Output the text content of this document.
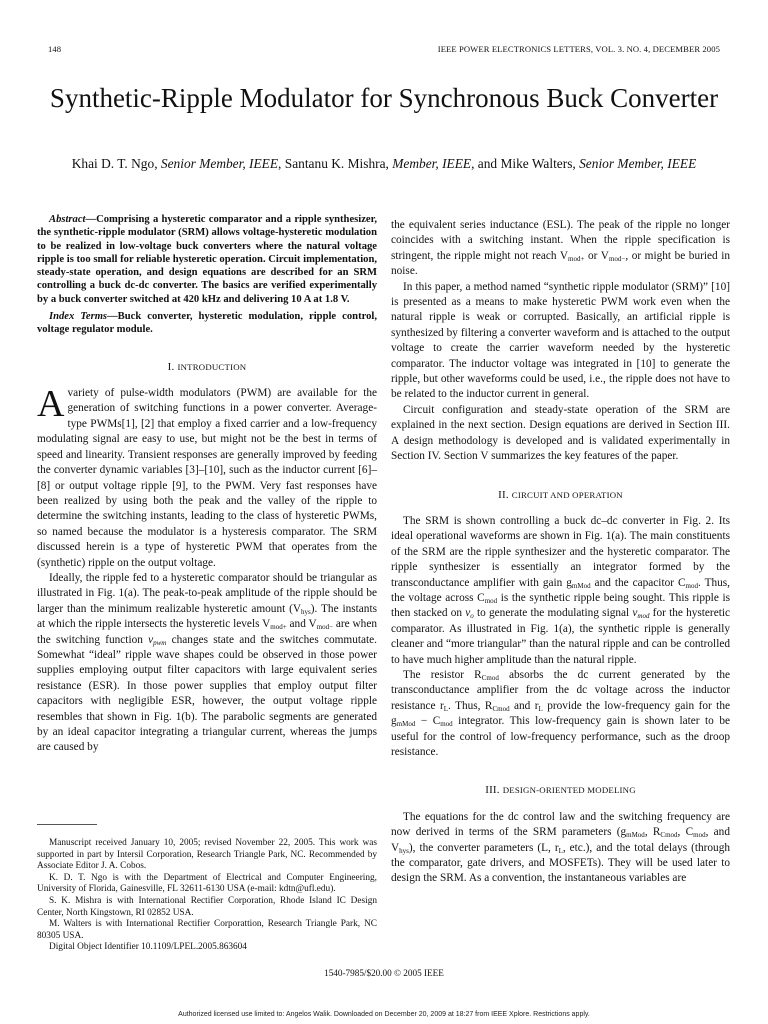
148	IEEE POWER ELECTRONICS LETTERS, VOL. 3. NO. 4, DECEMBER 2005
Synthetic-Ripple Modulator for Synchronous Buck Converter
Khai D. T. Ngo, Senior Member, IEEE, Santanu K. Mishra, Member, IEEE, and Mike Walters, Senior Member, IEEE

Abstract—Comprising a hysteretic comparator and a ripple synthesizer, the synthetic-ripple modulator (SRM) allows voltage-hysteretic modulation to be realized in low-voltage buck converters where the natural voltage ripple is too small for reliable hysteretic operation. Circuit implementation, steady-state operation, and design equations are described for an SRM controlling a buck dc-dc converter. The basics are verified experimentally by a buck converter switched at 420 kHz and delivering 10 A at 1.8 V.

Index Terms—Buck converter, hysteretic modulation, ripple control, voltage regulator module.

I. INTRODUCTION

Avariety of pulse-width modulators (PWM) are available for the generation of switching functions in a power converter. Average-type PWMs[1], [2] that employ a fixed carrier and a low-frequency modulating signal are easy to use, but might not be the best in terms of speed and linearity. Transient responses are generally improved by feeding the converter dynamic variables [3]–[10], such as the inductor current [6]–[8] or output voltage ripple [9], to the PWM. Very fast responses have been realized by using both the peak and the valley of the ripple to determine the switching instants, leading to the class of hysteretic PWMs, so named because the modulator is a hysteresis comparator. The SRM discussed herein is a type of hysteretic PWM that operates from the (synthetic) ripple on the output voltage.

Ideally, the ripple fed to a hysteretic comparator should be triangular as illustrated in Fig. 1(a). The peak-to-peak amplitude of the ripple should be larger than the minimum realizable hysteretic amount $(V_{hys})$. The instants at which the ripple intersects the hysteretic levels $V_{mod+}$ and $V_{mod-}$ are when the switching function $v_{pwm}$ changes state and the switches commutate. Somewhat “ideal” ripple wave shapes could be observed in those power supplies employing output filter capacitors with large equivalent series resistance (ESR). In those power supplies that employ output filter capacitors with negligible ESR, however, the output voltage ripple resembles that shown in Fig. 1(b). The parabolic segments are generated by an ideal capacitor integrating a triangular current, whereas the jumps are caused by

Manuscript received January 10, 2005; revised November 22, 2005. This work was supported in part by Intersil Corporation, Research Triangle Park, NC. Recommended by Associate Editor J. A. Cobos.

K. D. T. Ngo is with the Department of Electrical and Computer Engineering, University of Florida, Gainesville, FL 32611-6130 USA (e-mail: kdtn@ufl.edu).

S. K. Mishra is with International Rectifier Corporation, Rhode Island IC Design Center, North Kingstown, RI 02852 USA.

M. Walters is with International Rectifier Corporattion, Research Triangle Park, NC 80305 USA.

Digital Object Identifier 10.1109/LPEL.2005.863604

the equivalent series inductance (ESL). The peak of the ripple no longer coincides with a switching instant. When the ripple specification is stringent, the ripple might not reach $V_{mod+}$ or $V_{mod-}$, or might be buried in noise.

In this paper, a method named “synthetic ripple modulator (SRM)” [10] is presented as a means to make hysteretic PWM work even when the natural ripple is weak or corrupted. Basically, an artificial ripple is synthesized by filtering a converter waveform and is attached to the output voltage to create the carrier waveform needed by the hysteretic comparator. The inductor voltage was integrated in [10] to generate the ripple, but other waveforms could be used, i.e., the ripple does not have to be related to the inductor current in general.

Circuit configuration and steady-state operation of the SRM are explained in the next section. Design equations are derived in Section III. A design methodology is developed and is validated experimentally in Section IV. Section V summarizes the key features of the paper.

II. CIRCUIT AND OPERATION

The SRM is shown controlling a buck dc–dc converter in Fig. 2. Its ideal operational waveforms are shown in Fig. 1(a). The main constituents of the SRM are the ripple synthesizer and the hysteretic comparator. The ripple synthesizer is essentially an integrator formed by the transconductance amplifier with gain $g_{mMod}$ and the capacitor $C_{mod}$. Thus, the voltage across $C_{mod}$ is the synthetic ripple being sought. This ripple is then stacked on $v_o$ to generate the modulating signal $v_{mod}$ for the hysteretic comparator. As illustrated in Fig. 1(a), the synthetic ripple is generally cleaner and “more triangular” than the natural ripple and can be controlled to have much higher amplitude than the natural ripple.

The resistor $R_{Cmod}$ absorbs the dc current generated by the transconductance amplifier from the dc voltage across the inductor resistance $r_L$. Thus, $R_{Cmod}$ and $r_L$ provide the low-frequency gain for the $g_{mMod} - C_{mod}$ integrator. This low-frequency gain is shown later to be useful for the control of low-frequency performance, such as the droop resistance.

III. DESIGN-ORIENTED MODELING

The equations for the dc control law and the switching frequency are now derived in terms of the SRM parameters ($g_{mMod}$, $R_{Cmod}$, $C_{mod}$, and $V_{hys}$), the converter parameters (L, $r_L$, etc.), and the total delays (through the comparator, gate drivers, and MOSFETs). They will be used later to design the SRM. As a convention, the instantaneous variables are

1540-7985/$20.00 © 2005 IEEE
Authorized licensed use limited to: Angelos Walik. Downloaded on December 20, 2009 at 18:27 from IEEE Xplore. Restrictions apply.
